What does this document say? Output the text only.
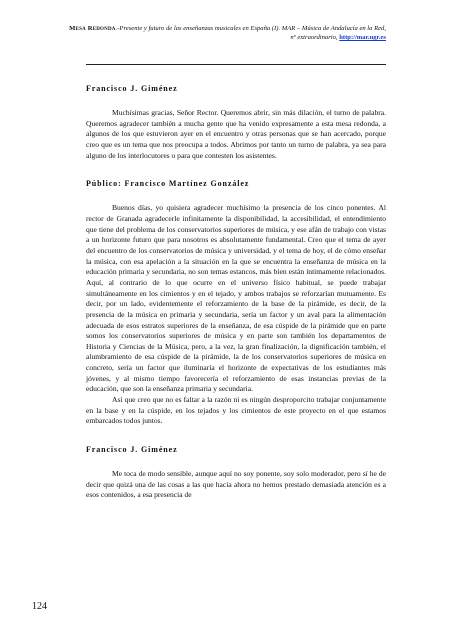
Mesa Redonda.-Presente y futuro de las enseñanzas musicales en España (I). MAR – Música de Andalucía en la Red, nº extraordinario, http://mar.ugr.es

Francisco J. Giménez

Muchísimas gracias, Señor Rector. Queremos abrir, sin más dilación, el turno de palabra. Queremos agradecer también a mucha gente que ha venido expresamente a esta mesa redonda, a algunos de los que estuvieron ayer en el encuentro y otras personas que se han acercado, porque creo que es un tema que nos preocupa a todos. Abrimos por tanto un turno de palabra, ya sea para alguno de los interlocutores o para que contesten los asistentes.

Público: Francisco Martínez González

Buenos días, yo quisiera agradecer muchísimo la presencia de los cinco ponentes. Al rector de Granada agradecerle infinitamente la disponibilidad, la accesibilidad, el entendimiento que tiene del problema de los conservatorios superiores de música, y ese afán de trabajo con vistas a un horizonte futuro que para nosotros es absolutamente fundamental. Creo que el tema de ayer del encuentro de los conservatorios de música y universidad, y el tema de hoy, el de cómo enseñar la música, con esa apelación a la situación en la que se encuentra la enseñanza de música en la educación primaria y secundaria, no son temas estancos, más bien están íntimamente relacionados. Aquí, al contrario de lo que ocurre en el universo físico habitual, se puede trabajar simultáneamente en los cimientos y en el tejado, y ambos trabajos se reforzarían mutuamente. Es decir, por un lado, evidentemente el reforzamiento de la base de la pirámide, es decir, de la presencia de la música en primaria y secundaria, sería un factor y un aval para la alimentación adecuada de esos estratos superiores de la enseñanza, de esa cúspide de la pirámide que en parte somos los conservatorios superiores de música y en parte son también los departamentos de Historia y Ciencias de la Música, pero, a la vez, la gran finalización, la dignificación también, el alumbramiento de esa cúspide de la pirámide, la de los conservatorios superiores de música en concreto, sería un factor que iluminaría el horizonte de expectativas de los estudiantes más jóvenes, y al mismo tiempo favorecería el reforzamiento de esas instancias previas de la educación, que son la enseñanza primaria y secundaria.

Así que creo que no es faltar a la razón ni es ningún desproporcito trabajar conjuntamente en la base y en la cúspide, en los tejados y los cimientos de este proyecto en el que estamos embarcados todos juntos.

Francisco J. Giménez

Me toca de modo sensible, aunque aquí no soy ponente, soy solo moderador, pero sí he de decir que quizá una de las cosas a las que hacía ahora no hemos prestado demasiada atención es a esos contenidos, a esa presencia de

124
